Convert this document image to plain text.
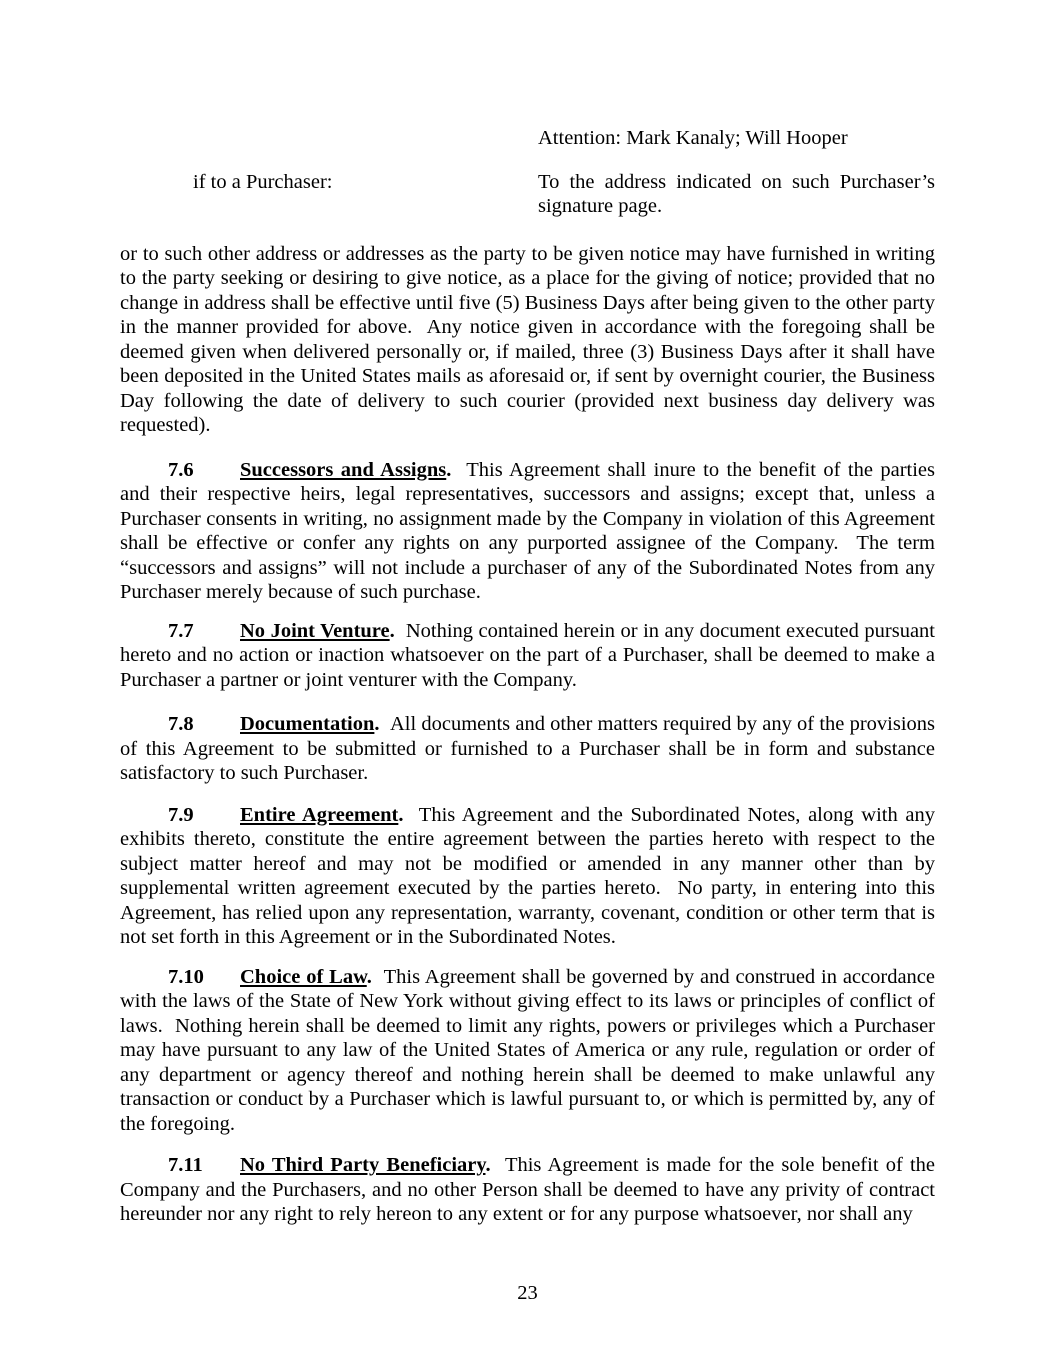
Attention: Mark Kanaly; Will Hooper
if to a Purchaser:	To the address indicated on such Purchaser’s signature page.

or to such other address or addresses as the party to be given notice may have furnished in writing to the party seeking or desiring to give notice, as a place for the giving of notice; provided that no change in address shall be effective until five (5) Business Days after being given to the other party in the manner provided for above.  Any notice given in accordance with the foregoing shall be deemed given when delivered personally or, if mailed, three (3) Business Days after it shall have been deposited in the United States mails as aforesaid or, if sent by overnight courier, the Business Day following the date of delivery to such courier (provided next business day delivery was requested).

7.6 Successors and Assigns.  This Agreement shall inure to the benefit of the parties and their respective heirs, legal representatives, successors and assigns; except that, unless a Purchaser consents in writing, no assignment made by the Company in violation of this Agreement shall be effective or confer any rights on any purported assignee of the Company.  The term “successors and assigns” will not include a purchaser of any of the Subordinated Notes from any Purchaser merely because of such purchase.

7.7 No Joint Venture.  Nothing contained herein or in any document executed pursuant hereto and no action or inaction whatsoever on the part of a Purchaser, shall be deemed to make a Purchaser a partner or joint venturer with the Company.

7.8 Documentation.  All documents and other matters required by any of the provisions of this Agreement to be submitted or furnished to a Purchaser shall be in form and substance satisfactory to such Purchaser.

7.9 Entire Agreement.  This Agreement and the Subordinated Notes, along with any exhibits thereto, constitute the entire agreement between the parties hereto with respect to the subject matter hereof and may not be modified or amended in any manner other than by supplemental written agreement executed by the parties hereto.  No party, in entering into this Agreement, has relied upon any representation, warranty, covenant, condition or other term that is not set forth in this Agreement or in the Subordinated Notes.

7.10 Choice of Law.  This Agreement shall be governed by and construed in accordance with the laws of the State of New York without giving effect to its laws or principles of conflict of laws.  Nothing herein shall be deemed to limit any rights, powers or privileges which a Purchaser may have pursuant to any law of the United States of America or any rule, regulation or order of any department or agency thereof and nothing herein shall be deemed to make unlawful any transaction or conduct by a Purchaser which is lawful pursuant to, or which is permitted by, any of the foregoing.

7.11 No Third Party Beneficiary.  This Agreement is made for the sole benefit of the Company and the Purchasers, and no other Person shall be deemed to have any privity of contract hereunder nor any right to rely hereon to any extent or for any purpose whatsoever, nor shall any

23
